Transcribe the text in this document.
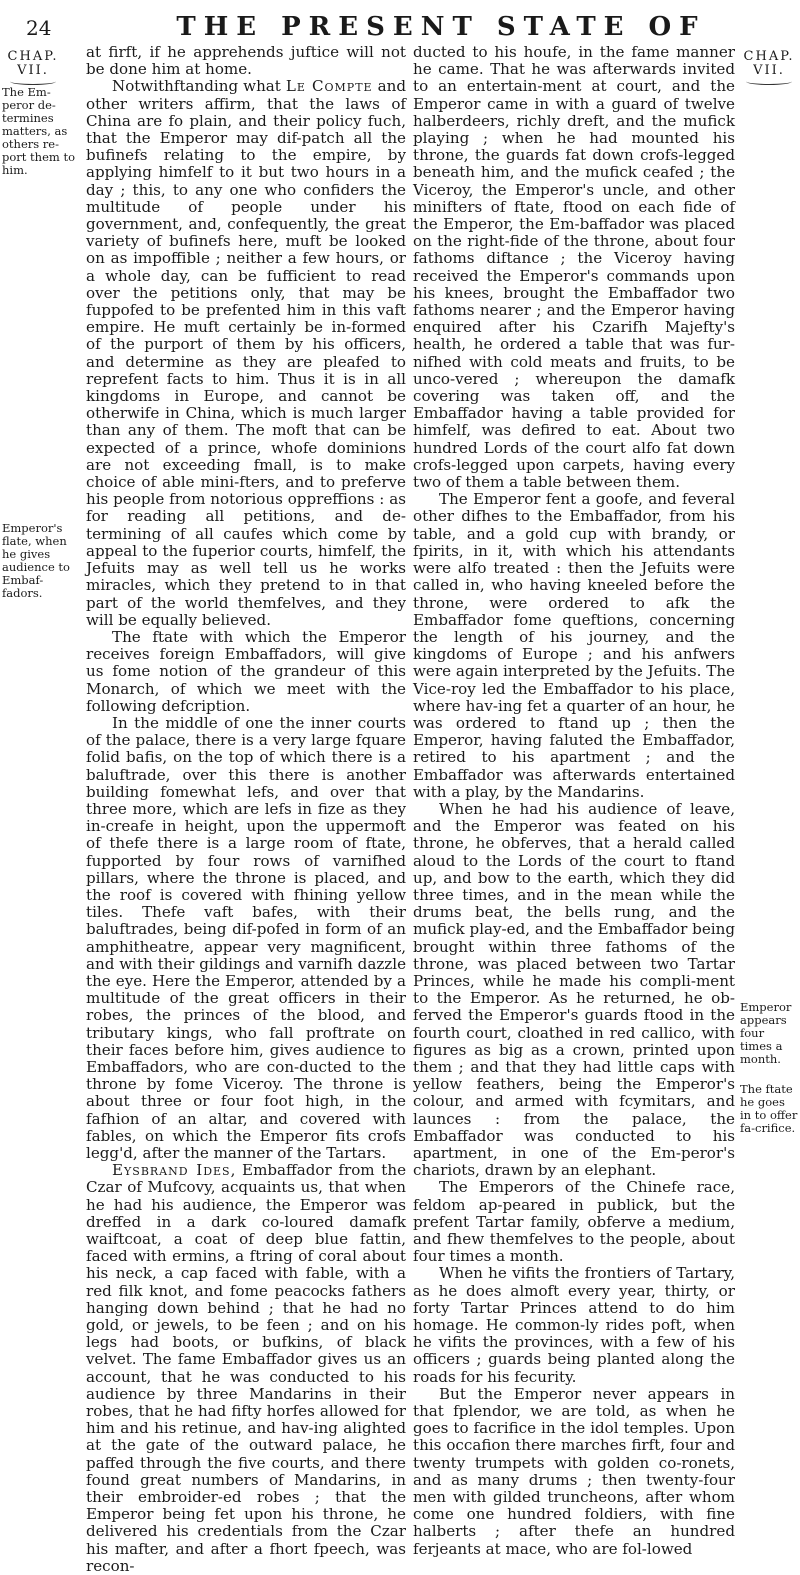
24	THE PRESENT STATE OF
CHAP.
VII.
CHAP.
VII.
The Em-peror de-termines matters, as others re-port them to him.
Emperor's flate, when he gives audience to Embaf-fadors.
Emperor appears four times a month.
The ftate he goes in to offer fa-crifice.

at firft, if he apprehends juftice will not be done him at home.

Notwithftanding what Le Compte and other writers affirm, that the laws of China are fo plain, and their policy fuch, that the Emperor may dif-patch all the bufinefs relating to the empire, by applying himfelf to it but two hours in a day ; this, to any one who confiders the multitude of people under his government, and, confequently, the great variety of bufinefs here, muft be looked on as impoffible ; neither a few hours, or a whole day, can be fufficient to read over the petitions only, that may be fuppofed to be prefented him in this vaft empire. He muft certainly be in-formed of the purport of them by his officers, and determine as they are pleafed to reprefent facts to him. Thus it is in all kingdoms in Europe, and cannot be otherwife in China, which is much larger than any of them. The moft that can be expected of a prince, whofe dominions are not exceeding fmall, is to make choice of able mini-fters, and to preferve his people from notorious oppreffions : as for reading all petitions, and de-termining of all caufes which come by appeal to the fuperior courts, himfelf, the Jefuits may as well tell us he works miracles, which they pretend to in that part of the world themfelves, and they will be equally believed.

The ftate with which the Emperor receives foreign Embaffadors, will give us fome notion of the grandeur of this Monarch, of which we meet with the following defcription.

In the middle of one the inner courts of the palace, there is a very large fquare folid bafis, on the top of which there is a baluftrade, over this there is another building fomewhat lefs, and over that three more, which are lefs in fize as they in-creafe in height, upon the uppermoft of thefe there is a large room of ftate, fupported by four rows of varnifhed pillars, where the throne is placed, and the roof is covered with fhining yellow tiles. Thefe vaft bafes, with their baluftrades, being dif-pofed in form of an amphitheatre, appear very magnificent, and with their gildings and varnifh dazzle the eye. Here the Emperor, attended by a multitude of the great officers in their robes, the princes of the blood, and tributary kings, who fall proftrate on their faces before him, gives audience to Embaffadors, who are con-ducted to the throne by fome Viceroy. The throne is about three or four foot high, in the fafhion of an altar, and covered with fables, on which the Emperor fits crofs legg'd, after the manner of the Tartars.

Eysbrand Ides, Embaffador from the Czar of Mufcovy, acquaints us, that when he had his audience, the Emperor was dreffed in a dark co-loured damafk waiftcoat, a coat of deep blue fattin, faced with ermins, a ftring of coral about his neck, a cap faced with fable, with a red filk knot, and fome peacocks fathers hanging down behind ; that he had no gold, or jewels, to be feen ; and on his legs had boots, or bufkins, of black velvet. The fame Embaffador gives us an account, that he was conducted to his audience by three Mandarins in their robes, that he had fifty horfes allowed for him and his retinue, and hav-ing alighted at the gate of the outward palace, he paffed through the five courts, and there found great numbers of Mandarins, in their embroider-ed robes ; that the Emperor being fet upon his throne, he delivered his credentials from the Czar his mafter, and after a fhort fpeech, was recon-

ducted to his houfe, in the fame manner he came. That he was afterwards invited to an entertain-ment at court, and the Emperor came in with a guard of twelve halberdeers, richly dreft, and the mufick playing ; when he had mounted his throne, the guards fat down crofs-legged beneath him, and the mufick ceafed ; the Viceroy, the Emperor's uncle, and other minifters of ftate, ftood on each fide of the Emperor, the Em-baffador was placed on the right-fide of the throne, about four fathoms diftance ; the Viceroy having received the Emperor's commands upon his knees, brought the Embaffador two fathoms nearer ; and the Emperor having enquired after his Czarifh Majefty's health, he ordered a table that was fur-nifhed with cold meats and fruits, to be unco-vered ; whereupon the damafk covering was taken off, and the Embaffador having a table provided for himfelf, was defired to eat. About two hundred Lords of the court alfo fat down crofs-legged upon carpets, having every two of them a table between them.

The Emperor fent a goofe, and feveral other difhes to the Embaffador, from his table, and a gold cup with brandy, or fpirits, in it, with which his attendants were alfo treated : then the Jefuits were called in, who having kneeled before the throne, were ordered to afk the Embaffador fome queftions, concerning the length of his journey, and the kingdoms of Europe ; and his anfwers were again interpreted by the Jefuits. The Vice-roy led the Embaffador to his place, where hav-ing fet a quarter of an hour, he was ordered to ftand up ; then the Emperor, having faluted the Embaffador, retired to his apartment ; and the Embaffador was afterwards entertained with a play, by the Mandarins.

When he had his audience of leave, and the Emperor was feated on his throne, he obferves, that a herald called aloud to the Lords of the court to ftand up, and bow to the earth, which they did three times, and in the mean while the drums beat, the bells rung, and the mufick play-ed, and the Embaffador being brought within three fathoms of the throne, was placed between two Tartar Princes, while he made his compli-ment to the Emperor. As he returned, he ob-ferved the Emperor's guards ftood in the fourth court, cloathed in red callico, with figures as big as a crown, printed upon them ; and that they had little caps with yellow feathers, being the Emperor's colour, and armed with fcymitars, and launces : from the palace, the Embaffador was conducted to his apartment, in one of the Em-peror's chariots, drawn by an elephant.

The Emperors of the Chinefe race, feldom ap-peared in publick, but the prefent Tartar family, obferve a medium, and fhew themfelves to the people, about four times a month.

When he vifits the frontiers of Tartary, as he does almoft every year, thirty, or forty Tartar Princes attend to do him homage. He common-ly rides poft, when he vifits the provinces, with a few of his officers ; guards being planted along the roads for his fecurity.

But the Emperor never appears in that fplendor, we are told, as when he goes to facrifice in the idol temples. Upon this occafion there marches firft, four and twenty trumpets with golden co-ronets, and as many drums ; then twenty-four men with gilded truncheons, after whom come one hundred foldiers, with fine halberts ; after thefe an hundred ferjeants at mace, who are fol-lowed
